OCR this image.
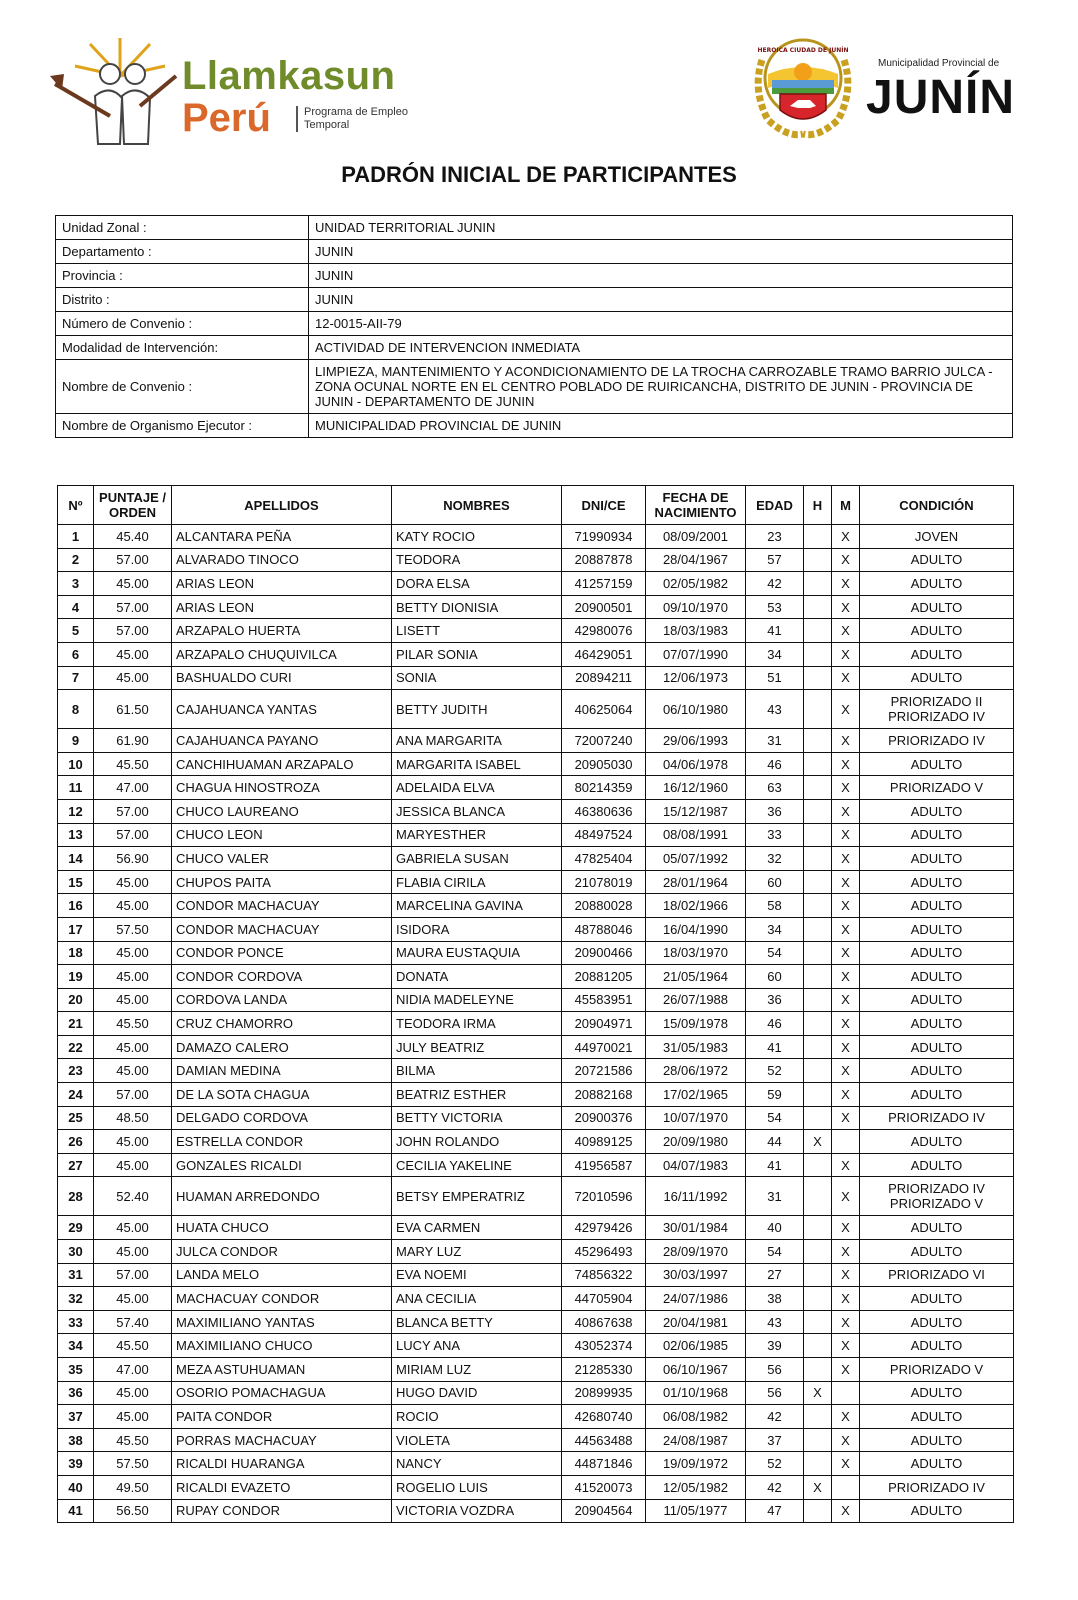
Llamkasun
Perú	Programa de Empleo Temporal
HEROICA CIUDAD DE JUNÍN
Municipalidad Provincial de
JUNÍN
PADRÓN INICIAL DE PARTICIPANTES
Unidad Zonal :	UNIDAD TERRITORIAL JUNIN
Departamento :	JUNIN
Provincia :	JUNIN
Distrito :	JUNIN
Número de Convenio :	12-0015-AII-79
Modalidad de Intervención:	ACTIVIDAD DE INTERVENCION INMEDIATA
Nombre de Convenio :	LIMPIEZA, MANTENIMIENTO Y ACONDICIONAMIENTO DE LA TROCHA CARROZABLE TRAMO BARRIO JULCA - ZONA OCUNAL NORTE EN EL CENTRO POBLADO DE RUIRICANCHA, DISTRITO DE JUNIN - PROVINCIA DE JUNIN - DEPARTAMENTO DE JUNIN
Nombre de Organismo Ejecutor :	MUNICIPALIDAD PROVINCIAL DE JUNIN
Nº	PUNTAJE / ORDEN	APELLIDOS	NOMBRES	DNI/CE	FECHA DE NACIMIENTO	EDAD	H	M	CONDICIÓN
1	45.40	ALCANTARA PEÑA	KATY ROCIO	71990934	08/09/2001	23		X	JOVEN
2	57.00	ALVARADO TINOCO	TEODORA	20887878	28/04/1967	57		X	ADULTO
3	45.00	ARIAS LEON	DORA ELSA	41257159	02/05/1982	42		X	ADULTO
4	57.00	ARIAS LEON	BETTY DIONISIA	20900501	09/10/1970	53		X	ADULTO
5	57.00	ARZAPALO HUERTA	LISETT	42980076	18/03/1983	41		X	ADULTO
6	45.00	ARZAPALO CHUQUIVILCA	PILAR SONIA	46429051	07/07/1990	34		X	ADULTO
7	45.00	BASHUALDO CURI	SONIA	20894211	12/06/1973	51		X	ADULTO
8	61.50	CAJAHUANCA YANTAS	BETTY JUDITH	40625064	06/10/1980	43		X	PRIORIZADO II PRIORIZADO IV
9	61.90	CAJAHUANCA PAYANO	ANA MARGARITA	72007240	29/06/1993	31		X	PRIORIZADO IV
10	45.50	CANCHIHUAMAN ARZAPALO	MARGARITA ISABEL	20905030	04/06/1978	46		X	ADULTO
11	47.00	CHAGUA HINOSTROZA	ADELAIDA ELVA	80214359	16/12/1960	63		X	PRIORIZADO V
12	57.00	CHUCO LAUREANO	JESSICA BLANCA	46380636	15/12/1987	36		X	ADULTO
13	57.00	CHUCO LEON	MARYESTHER	48497524	08/08/1991	33		X	ADULTO
14	56.90	CHUCO VALER	GABRIELA SUSAN	47825404	05/07/1992	32		X	ADULTO
15	45.00	CHUPOS PAITA	FLABIA CIRILA	21078019	28/01/1964	60		X	ADULTO
16	45.00	CONDOR MACHACUAY	MARCELINA GAVINA	20880028	18/02/1966	58		X	ADULTO
17	57.50	CONDOR MACHACUAY	ISIDORA	48788046	16/04/1990	34		X	ADULTO
18	45.00	CONDOR PONCE	MAURA EUSTAQUIA	20900466	18/03/1970	54		X	ADULTO
19	45.00	CONDOR CORDOVA	DONATA	20881205	21/05/1964	60		X	ADULTO
20	45.00	CORDOVA LANDA	NIDIA MADELEYNE	45583951	26/07/1988	36		X	ADULTO
21	45.50	CRUZ CHAMORRO	TEODORA IRMA	20904971	15/09/1978	46		X	ADULTO
22	45.00	DAMAZO CALERO	JULY BEATRIZ	44970021	31/05/1983	41		X	ADULTO
23	45.00	DAMIAN MEDINA	BILMA	20721586	28/06/1972	52		X	ADULTO
24	57.00	DE LA SOTA CHAGUA	BEATRIZ ESTHER	20882168	17/02/1965	59		X	ADULTO
25	48.50	DELGADO CORDOVA	BETTY VICTORIA	20900376	10/07/1970	54		X	PRIORIZADO IV
26	45.00	ESTRELLA CONDOR	JOHN ROLANDO	40989125	20/09/1980	44	X		ADULTO
27	45.00	GONZALES RICALDI	CECILIA YAKELINE	41956587	04/07/1983	41		X	ADULTO
28	52.40	HUAMAN ARREDONDO	BETSY EMPERATRIZ	72010596	16/11/1992	31		X	PRIORIZADO IV PRIORIZADO V
29	45.00	HUATA CHUCO	EVA CARMEN	42979426	30/01/1984	40		X	ADULTO
30	45.00	JULCA CONDOR	MARY LUZ	45296493	28/09/1970	54		X	ADULTO
31	57.00	LANDA MELO	EVA NOEMI	74856322	30/03/1997	27		X	PRIORIZADO VI
32	45.00	MACHACUAY CONDOR	ANA CECILIA	44705904	24/07/1986	38		X	ADULTO
33	57.40	MAXIMILIANO YANTAS	BLANCA BETTY	40867638	20/04/1981	43		X	ADULTO
34	45.50	MAXIMILIANO CHUCO	LUCY ANA	43052374	02/06/1985	39		X	ADULTO
35	47.00	MEZA ASTUHUAMAN	MIRIAM LUZ	21285330	06/10/1967	56		X	PRIORIZADO V
36	45.00	OSORIO POMACHAGUA	HUGO DAVID	20899935	01/10/1968	56	X		ADULTO
37	45.00	PAITA CONDOR	ROCIO	42680740	06/08/1982	42		X	ADULTO
38	45.50	PORRAS MACHACUAY	VIOLETA	44563488	24/08/1987	37		X	ADULTO
39	57.50	RICALDI HUARANGA	NANCY	44871846	19/09/1972	52		X	ADULTO
40	49.50	RICALDI EVAZETO	ROGELIO LUIS	41520073	12/05/1982	42	X		PRIORIZADO IV
41	56.50	RUPAY CONDOR	VICTORIA VOZDRA	20904564	11/05/1977	47		X	ADULTO
